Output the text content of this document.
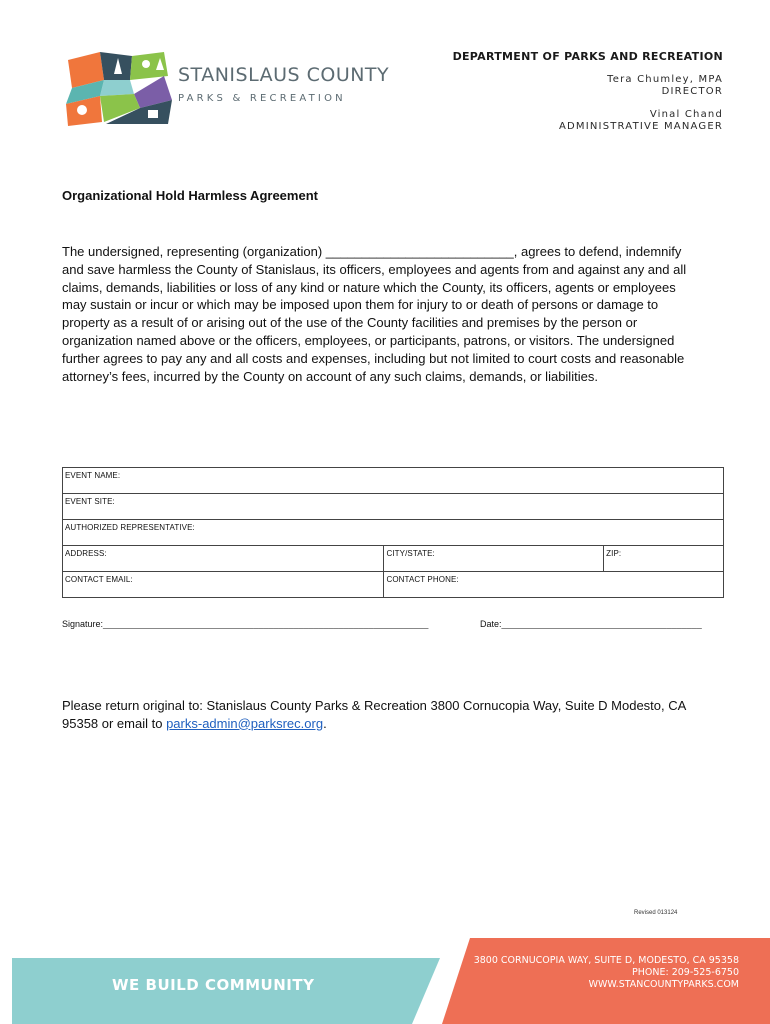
STANISLAUS COUNTY
PARKS & RECREATION
DEPARTMENT OF PARKS AND RECREATION
Tera Chumley, MPA
DIRECTOR
Vinal Chand
ADMINISTRATIVE MANAGER
Organizational Hold Harmless Agreement
The undersigned, representing (organization) __________________________, agrees to defend, indemnify and save harmless the County of Stanislaus, its officers, employees and agents from and against any and all claims, demands, liabilities or loss of any kind or nature which the County, its officers, agents or employees may sustain or incur or which may be imposed upon them for injury to or death of persons or damage to property as a result of or arising out of the use of the County facilities and premises by the person or organization named above or the officers, employees, or participants, patrons, or visitors. The undersigned further agrees to pay any and all costs and expenses, including but not limited to court costs and reasonable attorney’s fees, incurred by the County on account of any such claims, demands, or liabilities.
EVENT NAME:		
EVENT SITE:		
AUTHORIZED REPRESENTATIVE:		
ADDRESS:	CITY/STATE:	ZIP:
CONTACT EMAIL:	CONTACT PHONE:	
Signature:_________________________________________________________________	Date:________________________________________
Please return original to: Stanislaus County Parks & Recreation 3800 Cornucopia Way, Suite D Modesto, CA 95358 or email to parks-admin@parksrec.org.
Revised 013124
WE BUILD COMMUNITY
3800 CORNUCOPIA WAY, SUITE D, MODESTO, CA 95358
PHONE: 209-525-6750
WWW.STANCOUNTYPARKS.COM
